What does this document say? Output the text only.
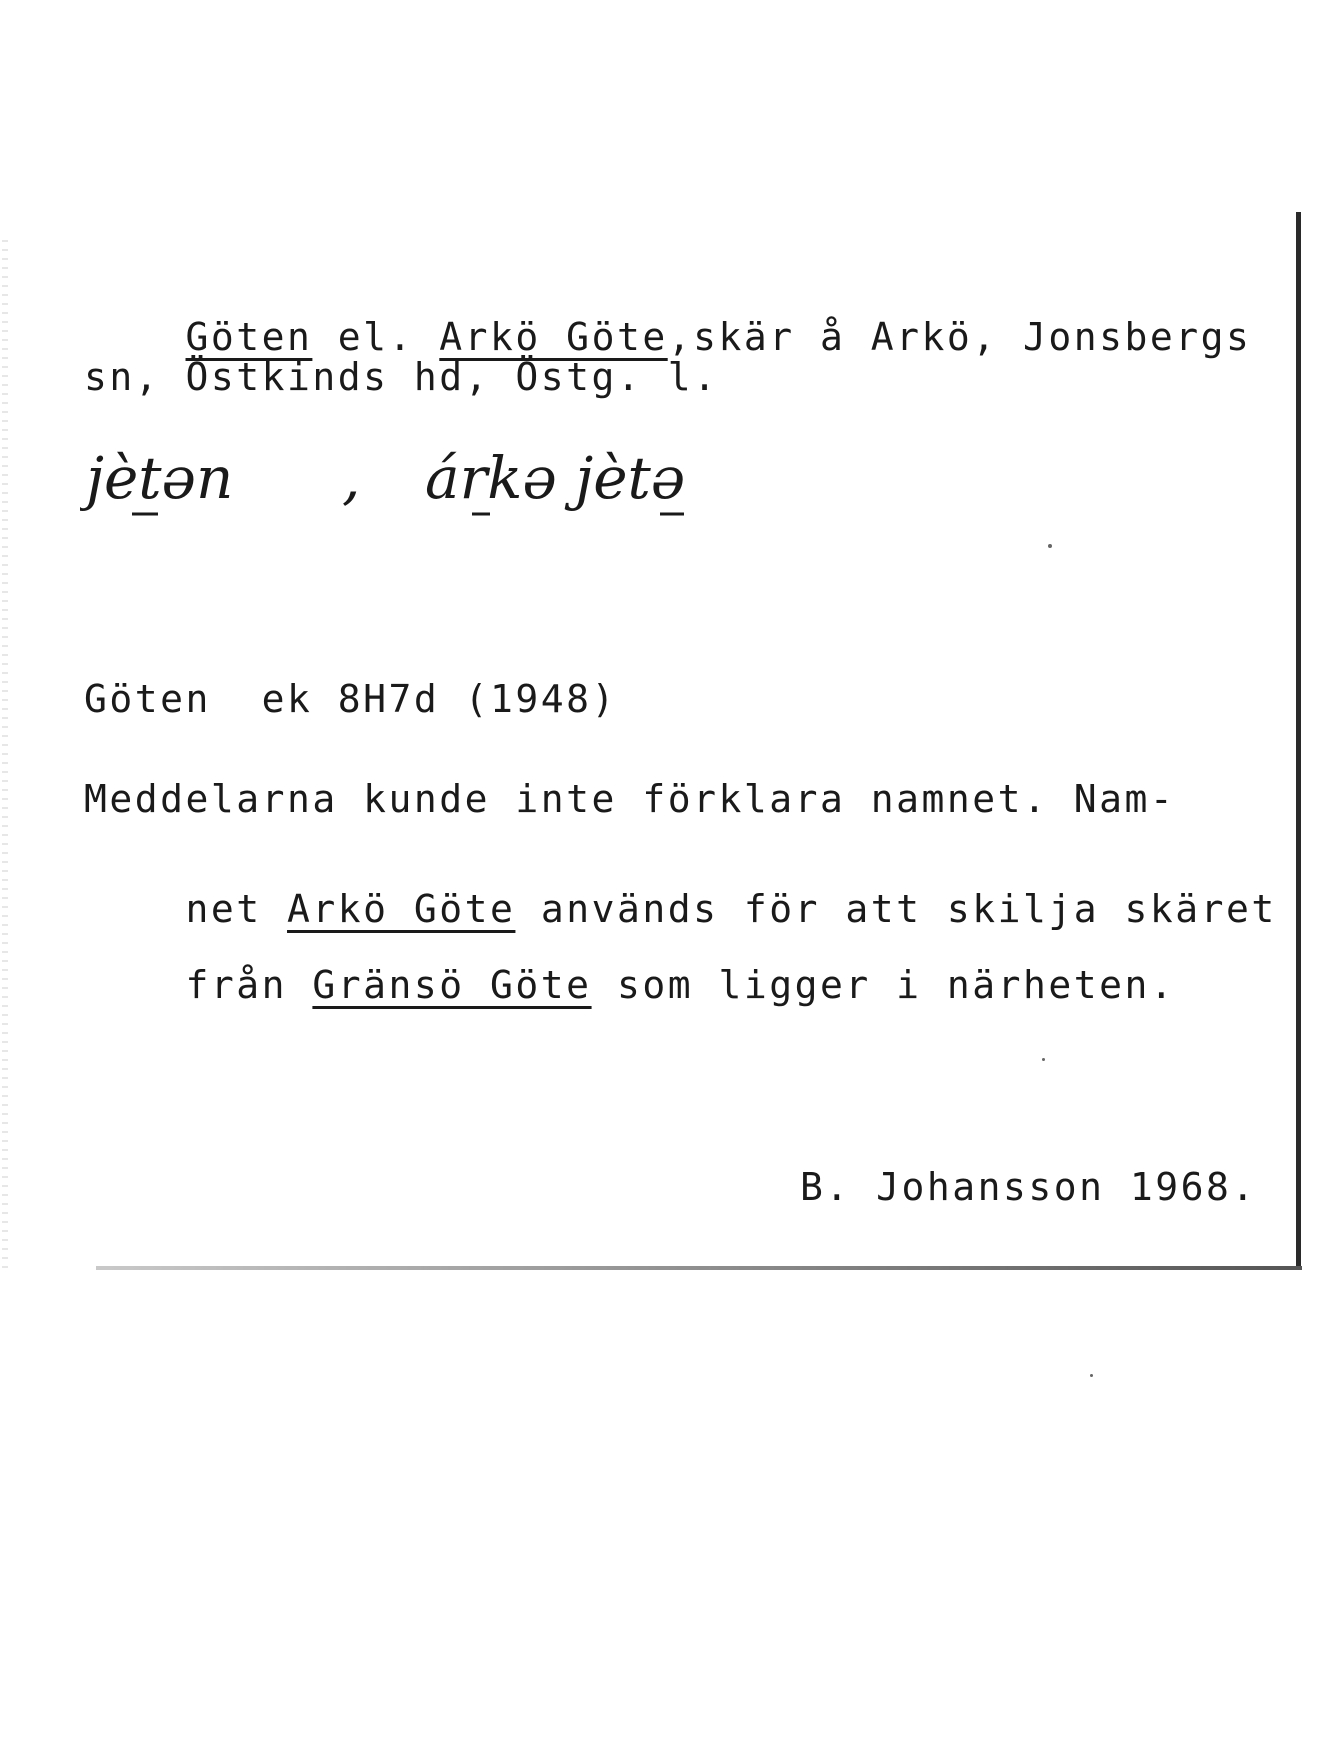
Göten el. Arkö Göte,skär å Arkö, Jonsbergs

sn, Östkinds hd, Östg. l.
jètən , árkə jètə
Göten  ek 8H7d (1948)
Meddelarna kunde inte förklara namnet. Nam-

net Arkö Göte används för att skilja skäret

från Gränsö Göte som ligger i närheten.

B. Johansson 1968.
